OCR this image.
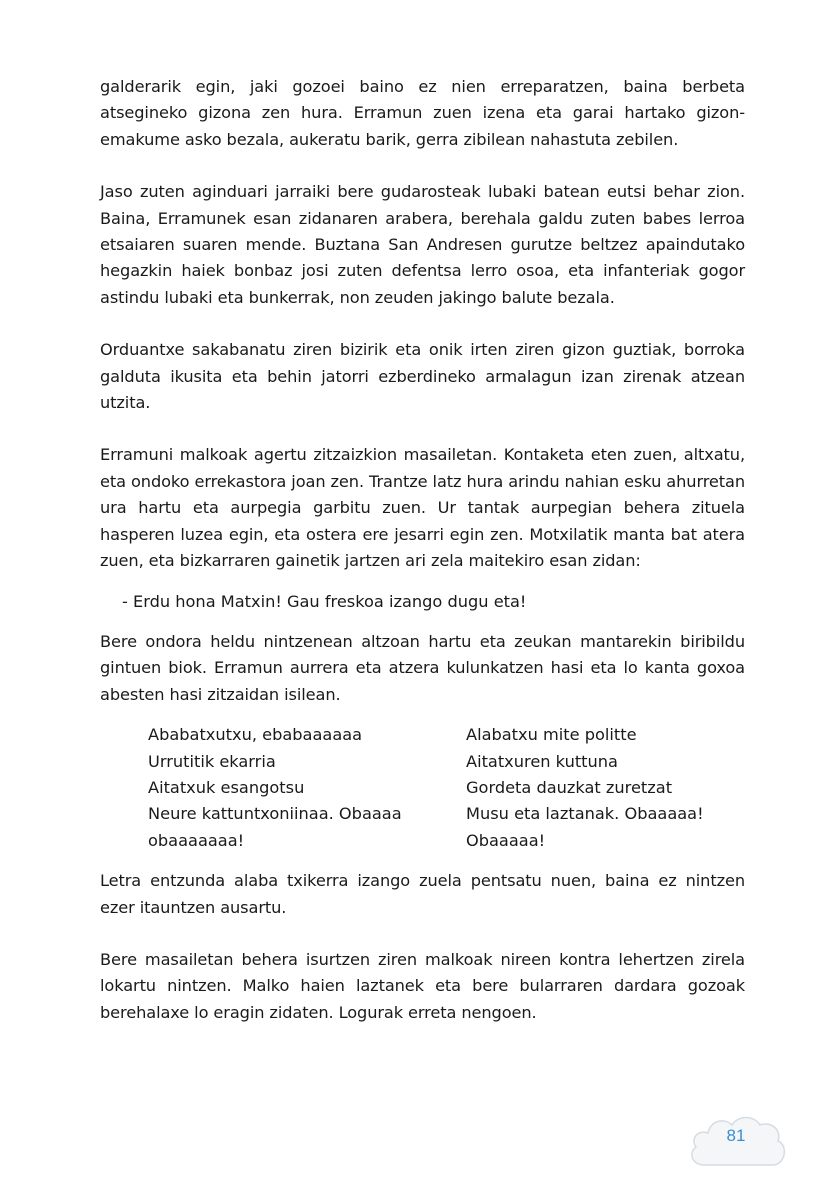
galderarik egin, jaki gozoei baino ez nien erreparatzen, baina berbeta atsegineko gizona zen hura. Erramun zuen izena eta garai hartako gizon-emakume asko bezala, aukeratu barik, gerra zibilean nahastuta zebilen.

Jaso zuten aginduari jarraiki bere gudarosteak lubaki batean eutsi behar zion. Baina, Erramunek esan zidanaren arabera, berehala galdu zuten babes lerroa etsaiaren suaren mende. Buztana San Andresen gurutze beltzez apaindutako hegazkin haiek bonbaz josi zuten defentsa lerro osoa, eta infanteriak gogor astindu lubaki eta bunkerrak, non zeuden jakingo balute bezala.

Orduantxe sakabanatu ziren bizirik eta onik irten ziren gizon guztiak, borroka galduta ikusita eta behin jatorri ezberdineko armalagun izan zirenak atzean utzita.

Erramuni malkoak agertu zitzaizkion masailetan. Kontaketa eten zuen, altxatu, eta ondoko errekastora joan zen. Trantze latz hura arindu nahian esku ahurretan ura hartu eta aurpegia garbitu zuen. Ur tantak aurpegian behera zituela hasperen luzea egin, eta ostera ere jesarri egin zen. Motxilatik manta bat atera zuen, eta bizkarraren gainetik jartzen ari zela maitekiro esan zidan:

- Erdu hona Matxin! Gau freskoa izango dugu eta!

Bere ondora heldu nintzenean altzoan hartu eta zeukan mantarekin biribildu gintuen biok. Erramun aurrera eta atzera kulunkatzen hasi eta lo kanta goxoa abesten hasi zitzaidan isilean.

Ababatxutxu, ebabaaaaaa
Urrutitik ekarria
Aitatxuk esangotsu
Neure kattuntxoniinaa. Obaaaa
obaaaaaaa!
Alabatxu mite politte
Aitatxuren kuttuna
Gordeta dauzkat zuretzat
Musu eta laztanak. Obaaaaa!
Obaaaaa!

Letra entzunda alaba txikerra izango zuela pentsatu nuen, baina ez nintzen ezer itauntzen ausartu.

Bere masailetan behera isurtzen ziren malkoak nireen kontra lehertzen zirela lokartu nintzen. Malko haien laztanek eta bere bularraren dardara gozoak berehalaxe lo eragin zidaten. Logurak erreta nengoen.

81
